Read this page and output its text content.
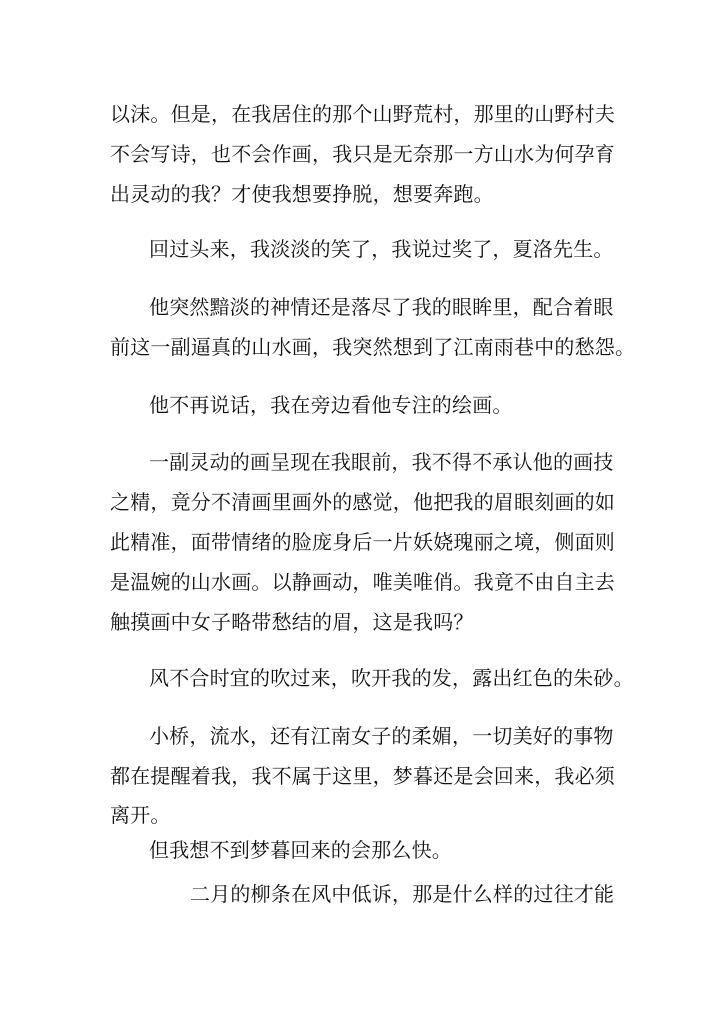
以沫。但是，在我居住的那个山野荒村，那里的山野村夫
不会写诗，也不会作画，我只是无奈那一方山水为何孕育
出灵动的我？才使我想要挣脱，想要奔跑。
回过头来，我淡淡的笑了，我说过奖了，夏洛先生。
他突然黯淡的神情还是落尽了我的眼眸里，配合着眼
前这一副逼真的山水画，我突然想到了江南雨巷中的愁怨。
他不再说话，我在旁边看他专注的绘画。
一副灵动的画呈现在我眼前，我不得不承认他的画技
之精，竟分不清画里画外的感觉，他把我的眉眼刻画的如
此精准，面带情绪的脸庞身后一片妖娆瑰丽之境，侧面则
是温婉的山水画。以静画动，唯美唯俏。我竟不由自主去
触摸画中女子略带愁结的眉，这是我吗？
风不合时宜的吹过来，吹开我的发，露出红色的朱砂。
小桥，流水，还有江南女子的柔媚，一切美好的事物
都在提醒着我，我不属于这里，梦暮还是会回来，我必须
离开。
但我想不到梦暮回来的会那么快。
二月的柳条在风中低诉，那是什么样的过往才能
